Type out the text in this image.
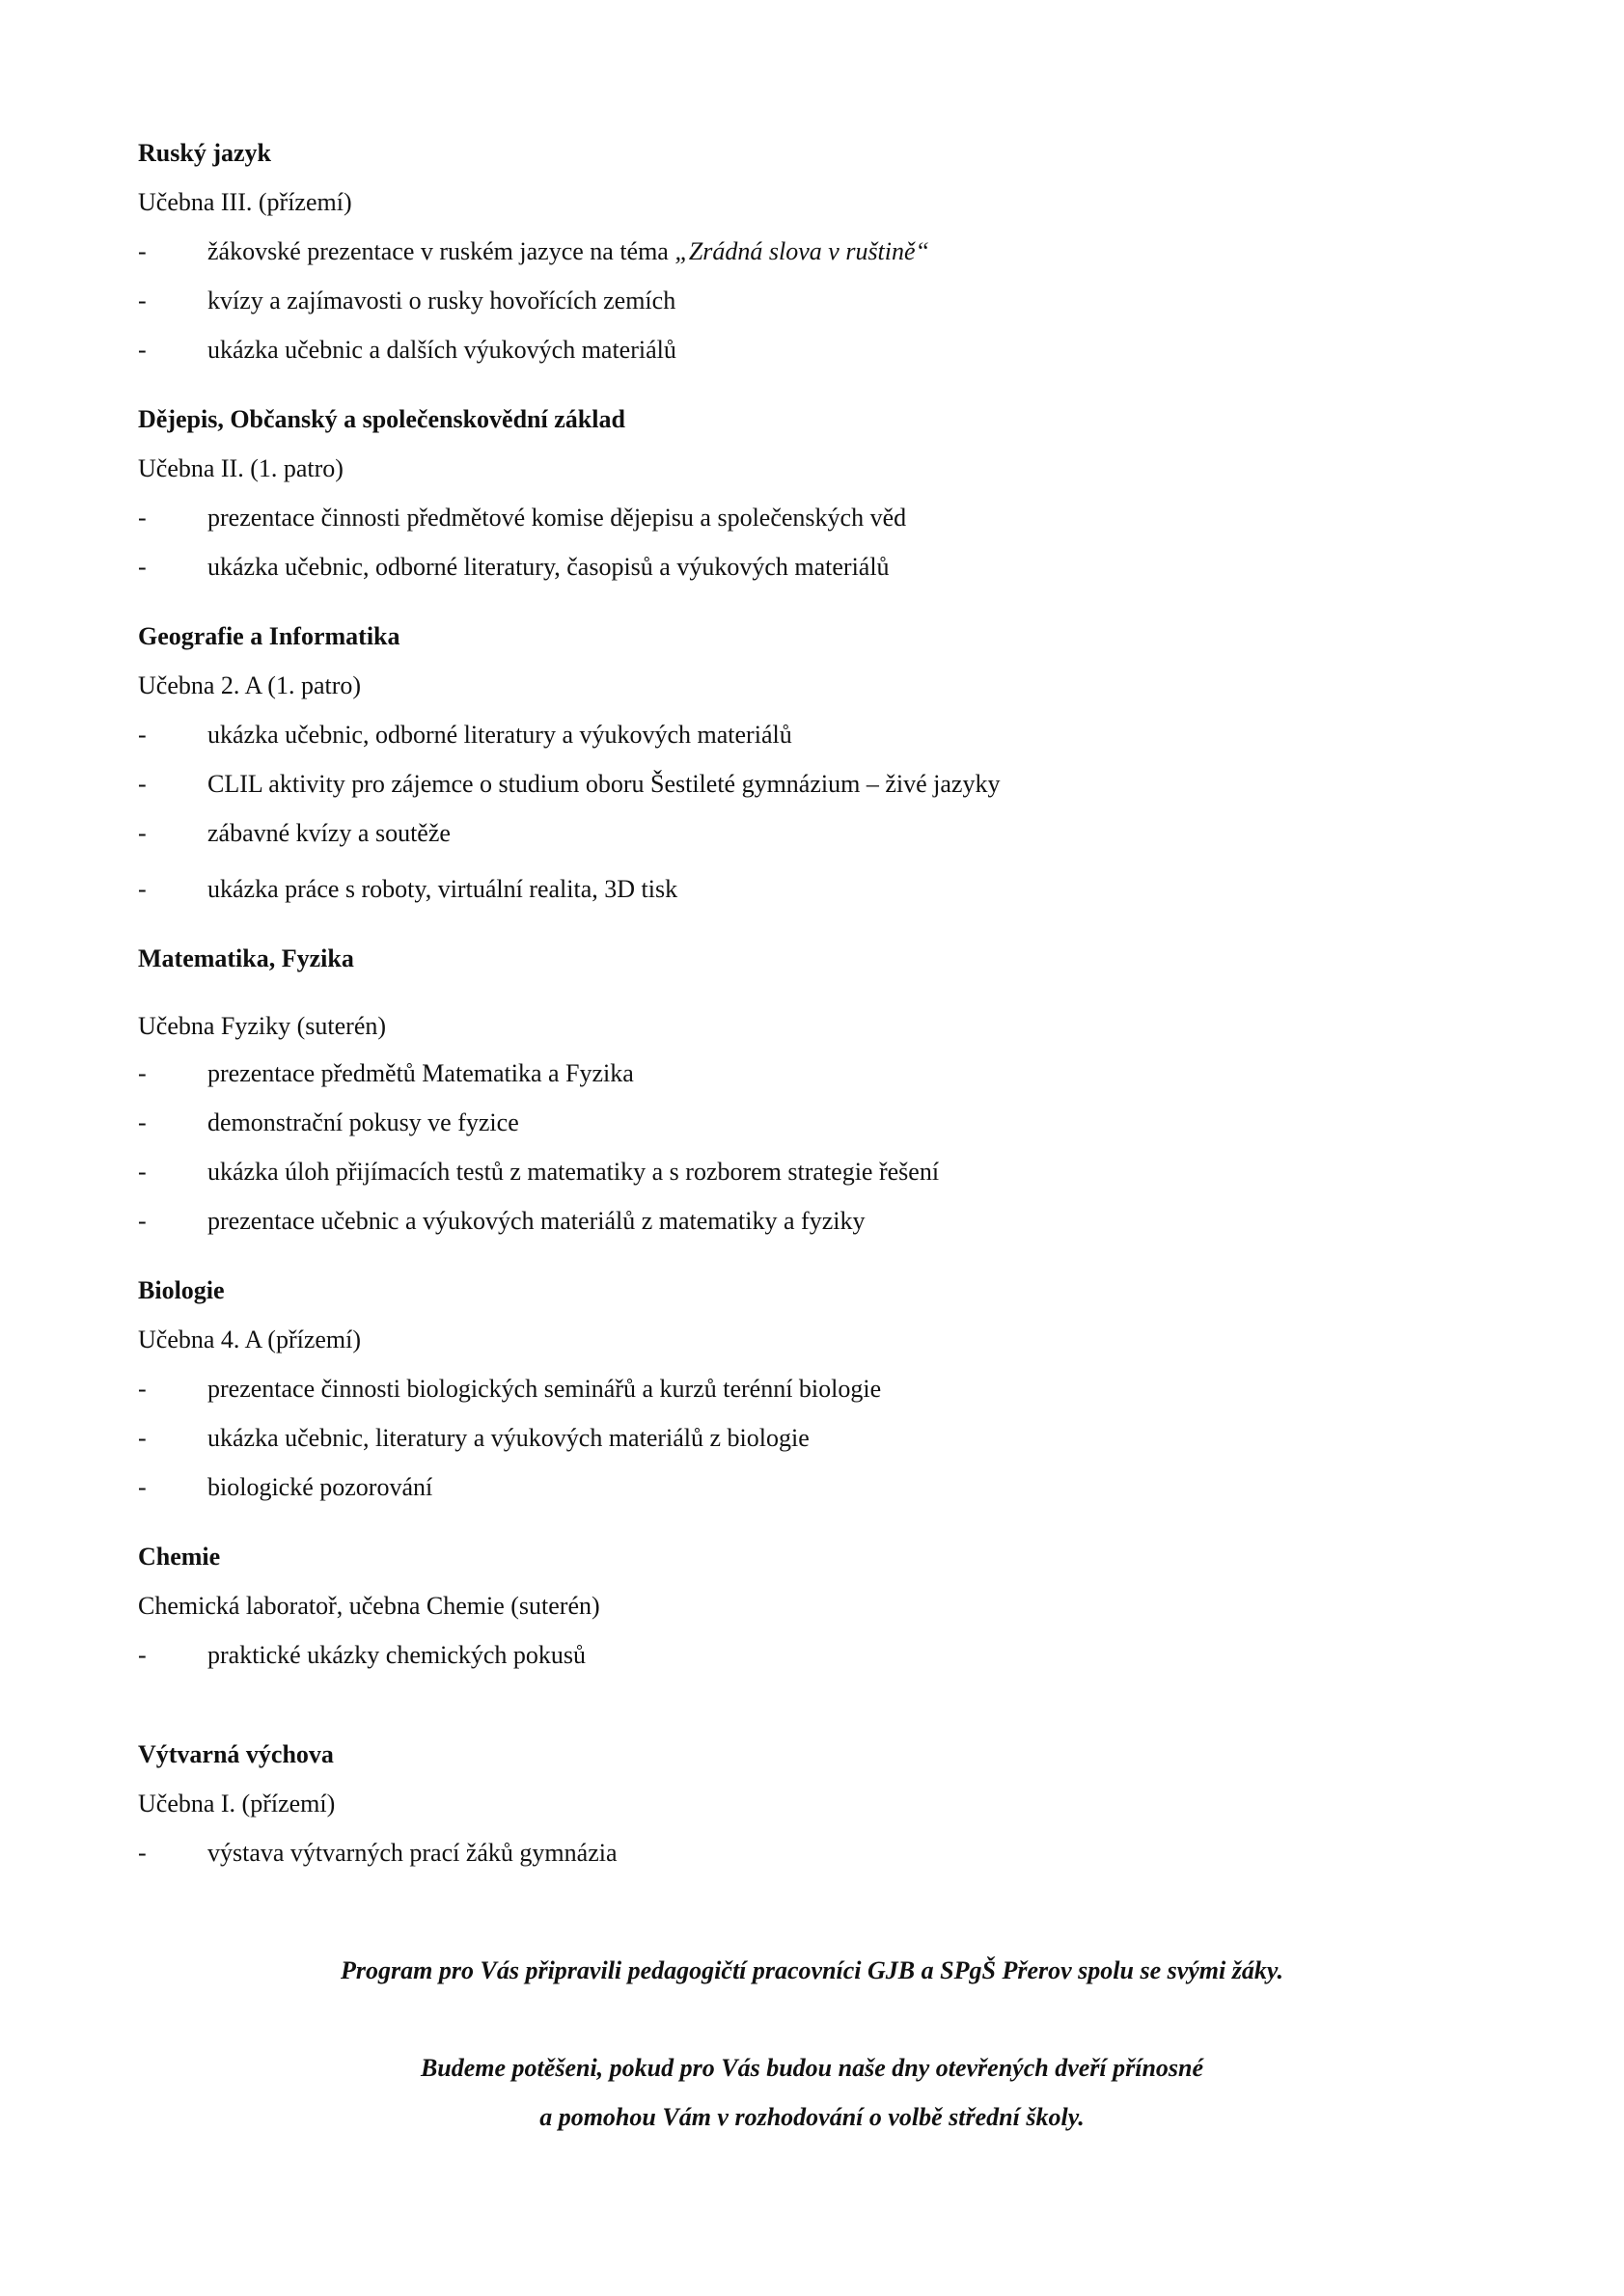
Ruský jazyk

Učebna III. (přízemí)

- žákovské prezentace v ruském jazyce na téma „Zrádná slova v ruštině“
- kvízy a zajímavosti o rusky hovořících zemích
- ukázka učebnic a dalších výukových materiálů

Dějepis, Občanský a společenskovědní základ

Učebna II. (1. patro)

- prezentace činnosti předmětové komise dějepisu a společenských věd
- ukázka učebnic, odborné literatury, časopisů a výukových materiálů

Geografie a Informatika

Učebna 2. A (1. patro)

- ukázka učebnic, odborné literatury a výukových materiálů
- CLIL aktivity pro zájemce o studium oboru Šestileté gymnázium – živé jazyky
- zábavné kvízy a soutěže
- ukázka práce s roboty, virtuální realita, 3D tisk

Matematika, Fyzika

Učebna Fyziky (suterén)

- prezentace předmětů Matematika a Fyzika
- demonstrační pokusy ve fyzice
- ukázka úloh přijímacích testů z matematiky a s rozborem strategie řešení
- prezentace učebnic a výukových materiálů z matematiky a fyziky

Biologie

Učebna 4. A (přízemí)

- prezentace činnosti biologických seminářů a kurzů terénní biologie
- ukázka učebnic, literatury a výukových materiálů z biologie
- biologické pozorování

Chemie

Chemická laboratoř, učebna Chemie (suterén)

- praktické ukázky chemických pokusů

Výtvarná výchova

Učebna I. (přízemí)

- výstava výtvarných prací žáků gymnázia

Program pro Vás připravili pedagogičtí pracovníci GJB a SPgŠ Přerov spolu se svými žáky.

Budeme potěšeni, pokud pro Vás budou naše dny otevřených dveří přínosné

a pomohou Vám v rozhodování o volbě střední školy.
